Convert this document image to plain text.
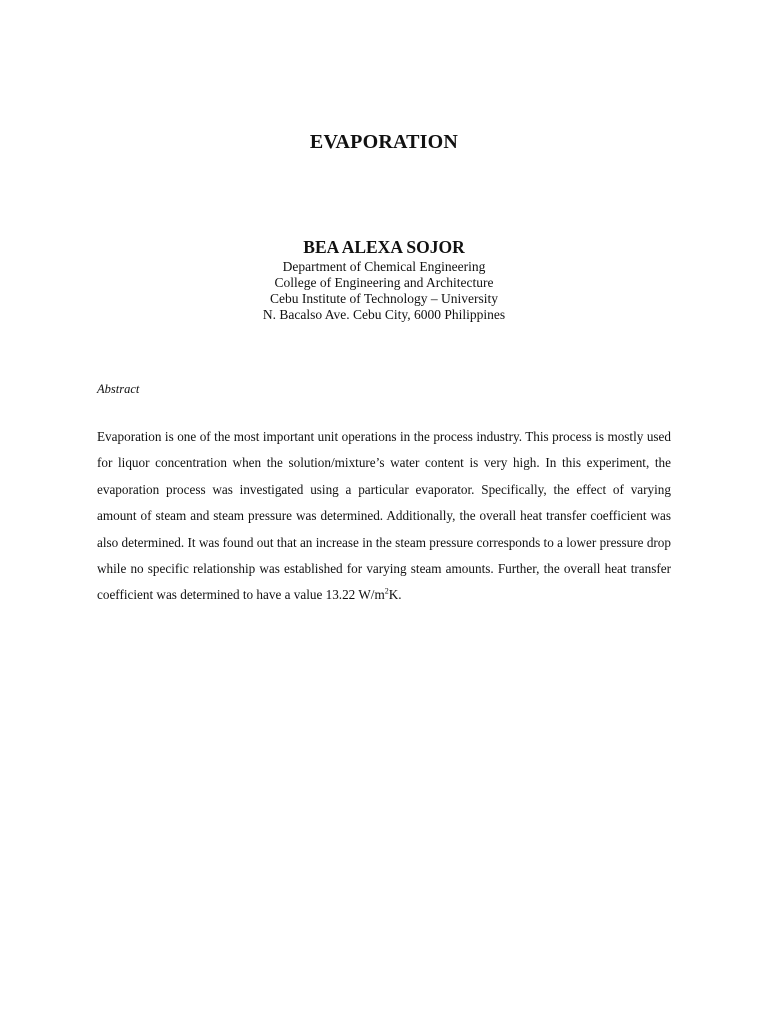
EVAPORATION
BEA ALEXA SOJOR
Department of Chemical Engineering
College of Engineering and Architecture
Cebu Institute of Technology – University
N. Bacalso Ave. Cebu City, 6000 Philippines
Abstract
Evaporation is one of the most important unit operations in the process industry. This process is mostly used for liquor concentration when the solution/mixture’s water content is very high. In this experiment, the evaporation process was investigated using a particular evaporator. Specifically, the effect of varying amount of steam and steam pressure was determined. Additionally, the overall heat transfer coefficient was also determined. It was found out that an increase in the steam pressure corresponds to a lower pressure drop while no specific relationship was established for varying steam amounts. Further, the overall heat transfer coefficient was determined to have a value 13.22 $W/m^2K$.
